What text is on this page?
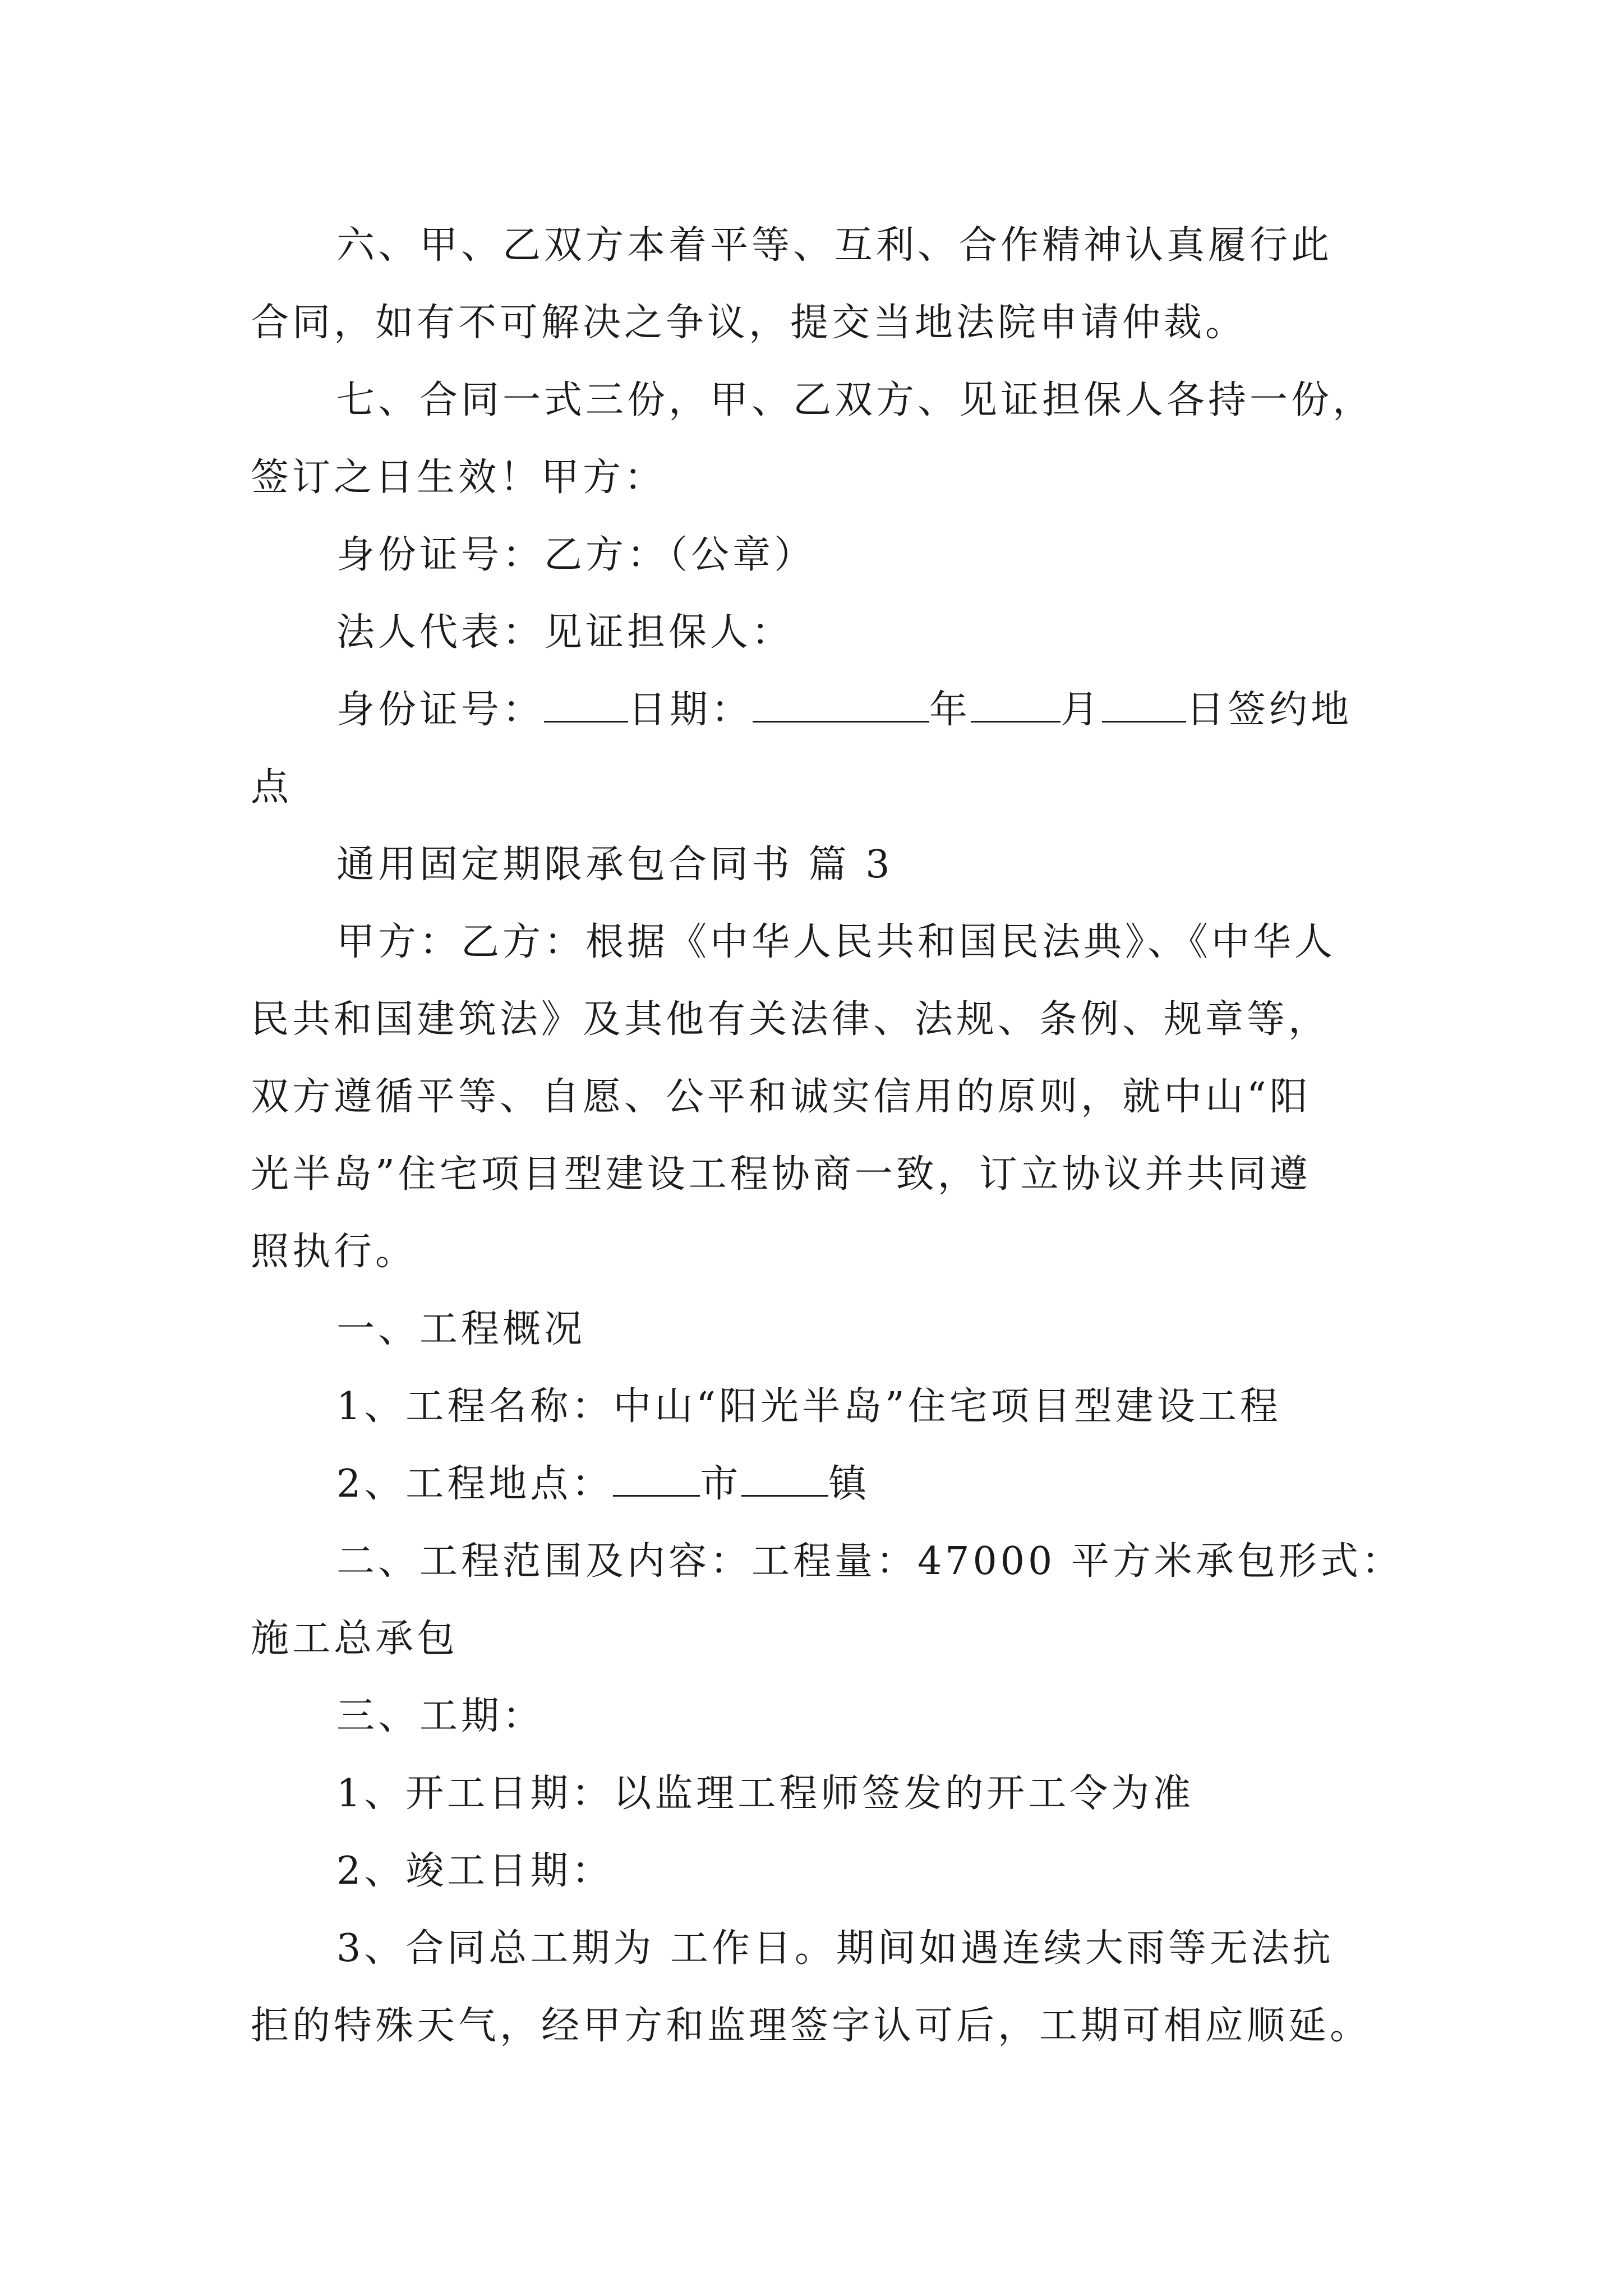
六、甲、乙双方本着平等、互利、合作精神认真履行此
合同，如有不可解决之争议，提交当地法院申请仲裁。
七、合同一式三份，甲、乙双方、见证担保人各持一份，
签订之日生效！甲方：
身份证号：乙方：（公章）
法人代表：见证担保人：
身份证号： 日期：	年 月 日签约地
点
通用固定期限承包合同书 篇 3
甲方：乙方：根据《中华人民共和国民法典》、《中华人
民共和国建筑法》及其他有关法律、法规、条例、规章等，
双方遵循平等、自愿、公平和诚实信用的原则，就中山“阳
光半岛”住宅项目型建设工程协商一致，订立协议并共同遵
照执行。
一、工程概况
1、工程名称：中山“阳光半岛”住宅项目型建设工程
2、工程地点： 市 镇
二、工程范围及内容：工程量：47000 平方米承包形式：
施工总承包
三、工期：
1、开工日期：以监理工程师签发的开工令为准
2、竣工日期：
3、合同总工期为 工作日。期间如遇连续大雨等无法抗
拒的特殊天气，经甲方和监理签字认可后，工期可相应顺延。
